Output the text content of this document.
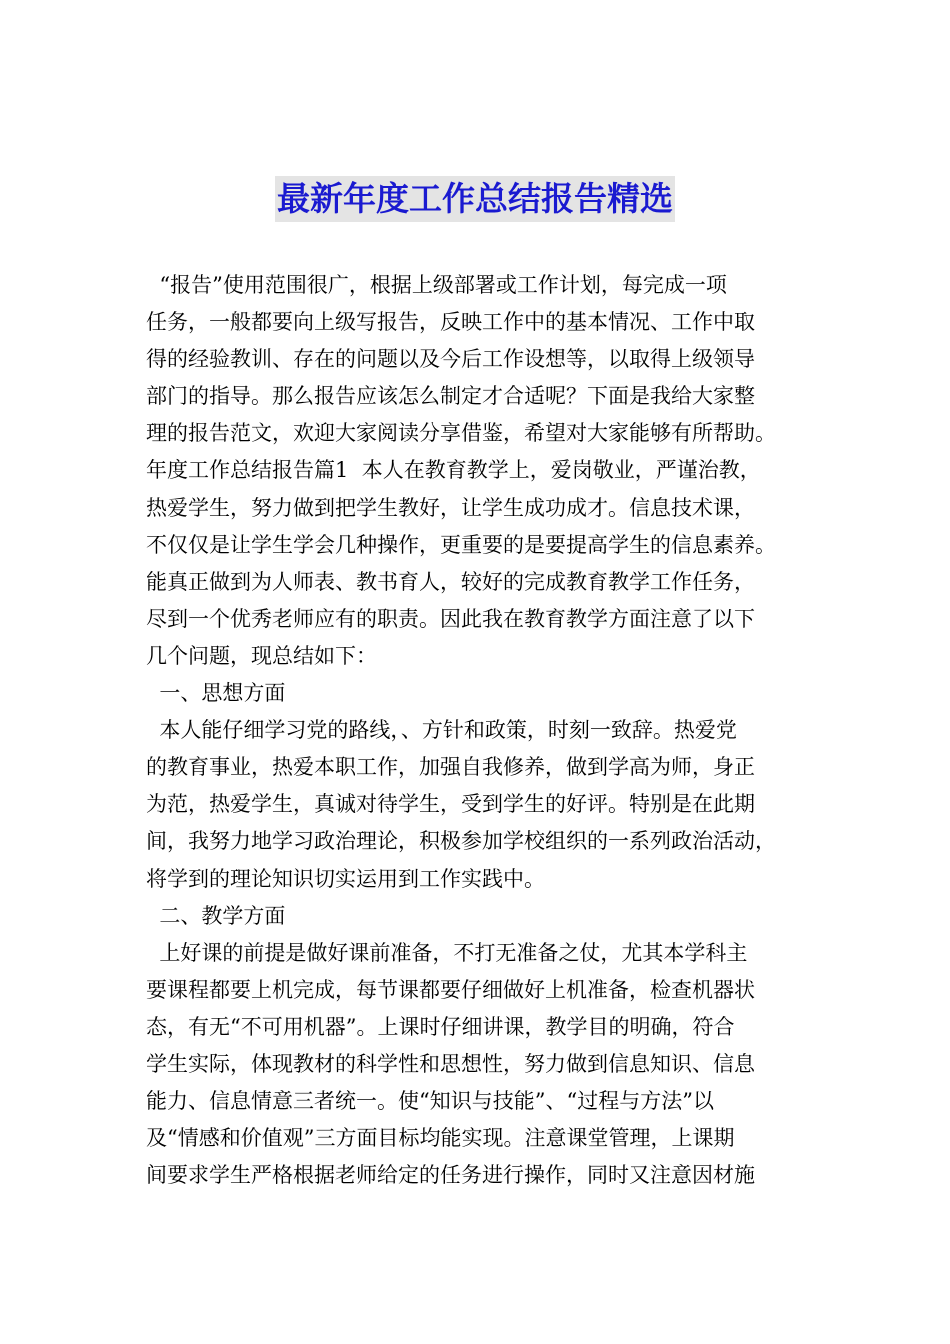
最新年度工作总结报告精选
“报告”使用范围很广，根据上级部署或工作计划，每完成一项
任务，一般都要向上级写报告，反映工作中的基本情况、工作中取
得的经验教训、存在的问题以及今后工作设想等，以取得上级领导
部门的指导。那么报告应该怎么制定才合适呢？下面是我给大家整
理的报告范文，欢迎大家阅读分享借鉴，希望对大家能够有所帮助。
年度工作总结报告篇1  本人在教育教学上，爱岗敬业，严谨治教，
热爱学生，努力做到把学生教好，让学生成功成才。信息技术课，
不仅仅是让学生学会几种操作，更重要的是要提高学生的信息素养。
能真正做到为人师表、教书育人，较好的完成教育教学工作任务，
尽到一个优秀老师应有的职责。因此我在教育教学方面注意了以下
几个问题，现总结如下：
一、思想方面
本人能仔细学习党的路线，、方针和政策，时刻一致辞。热爱党
的教育事业，热爱本职工作，加强自我修养，做到学高为师，身正
为范，热爱学生，真诚对待学生，受到学生的好评。特别是在此期
间，我努力地学习政治理论，积极参加学校组织的一系列政治活动，
将学到的理论知识切实运用到工作实践中。
二、教学方面
上好课的前提是做好课前准备，不打无准备之仗，尤其本学科主
要课程都要上机完成，每节课都要仔细做好上机准备，检查机器状
态，有无“不可用机器”。上课时仔细讲课，教学目的明确，符合
学生实际，体现教材的科学性和思想性，努力做到信息知识、信息
能力、信息情意三者统一。使“知识与技能”、“过程与方法”以
及“情感和价值观”三方面目标均能实现。注意课堂管理，上课期
间要求学生严格根据老师给定的任务进行操作，同时又注意因材施
